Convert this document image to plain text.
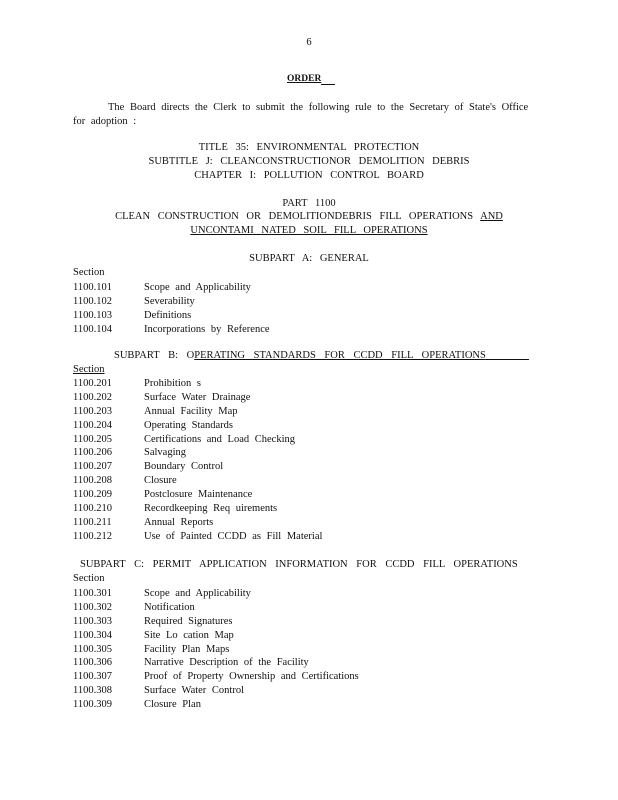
6
ORDER
The Board directs the Clerk to submit the following rule to the Secretary of State's Office for adoption :
TITLE 35: ENVIRONMENTAL PROTECTION
SUBTITLE J: CLEANCONSTRUCTIONOR DEMOLITION DEBRIS
CHAPTER I: POLLUTION CONTROL BOARD
PART 1100
CLEAN CONSTRUCTION OR DEMOLITIONDEBRIS FILL OPERATIONS AND
UNCONTAMI NATED SOIL FILL OPERATIONS
SUBPART A: GENERAL
Section
1100.101	Scope and Applicability
1100.102	Severability
1100.103	Definitions
1100.104	Incorporations by Reference
SUBPART B: OPERATING STANDARDS FOR CCDD FILL OPERATIONS
Section
1100.201	Prohibition s
1100.202	Surface Water Drainage
1100.203	Annual Facility Map
1100.204	Operating Standards
1100.205	Certifications and Load Checking
1100.206	Salvaging
1100.207	Boundary Control
1100.208	Closure
1100.209	Postclosure Maintenance
1100.210	Recordkeeping Req uirements
1100.211	Annual Reports
1100.212	Use of Painted CCDD as Fill Material
SUBPART C: PERMIT APPLICATION INFORMATION FOR CCDD FILL OPERATIONS
Section
1100.301	Scope and Applicability
1100.302	Notification
1100.303	Required Signatures
1100.304	Site Lo cation Map
1100.305	Facility Plan Maps
1100.306	Narrative Description of the Facility
1100.307	Proof of Property Ownership and Certifications
1100.308	Surface Water Control
1100.309	Closure Plan
